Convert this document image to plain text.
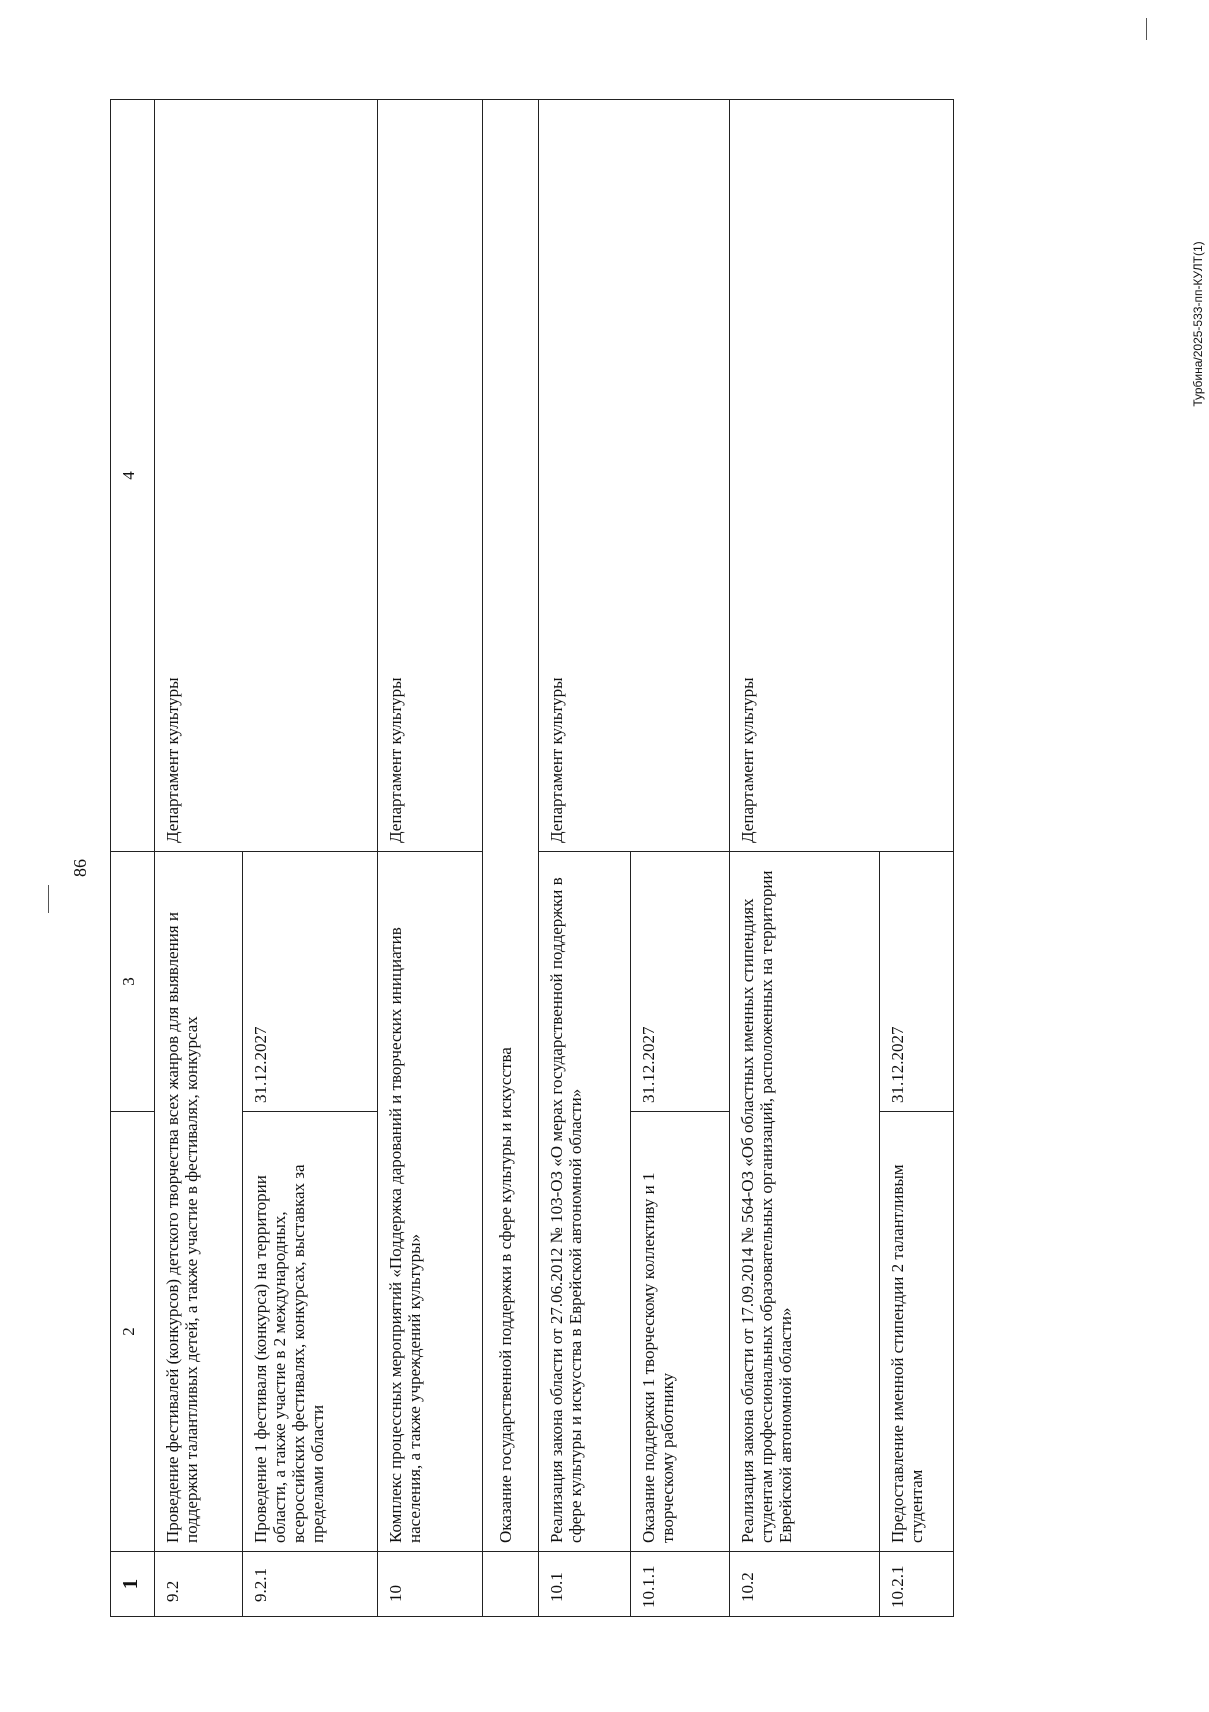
86
Турбина/2025-533-пп-КУЛТ(1)
1	2	3	4
9.2	Проведение фестивалей (конкурсов) детского творчества всех жанров для выявления и поддержки талантливых детей, а также участие в фестивалях, конкурсах		Департамент культуры
9.2.1	Проведение 1 фестиваля (конкурса) на территории области, а также участие в 2 международных, всероссийских фестивалях, конкурсах, выставках за пределами области	31.12.2027	
10	Комплекс процессных мероприятий «Поддержка дарований и творческих инициатив населения, а также учреждений культуры»		Департамент культуры
	Оказание государственной поддержки в сфере культуры и искусства		
10.1	Реализация закона области от 27.06.2012 № 103-ОЗ «О мерах государственной поддержки в сфере культуры и искусства в Еврейской автономной области»		Департамент культуры
10.1.1	Оказание поддержки 1 творческому коллективу и 1 творческому работнику	31.12.2027	
10.2	Реализация закона области от 17.09.2014 № 564-ОЗ «Об областных именных стипендиях студентам профессиональных образовательных организаций, расположенных на территории Еврейской автономной области»		Департамент культуры
10.2.1	Предоставление именной стипендии 2 талантливым студентам	31.12.2027	
